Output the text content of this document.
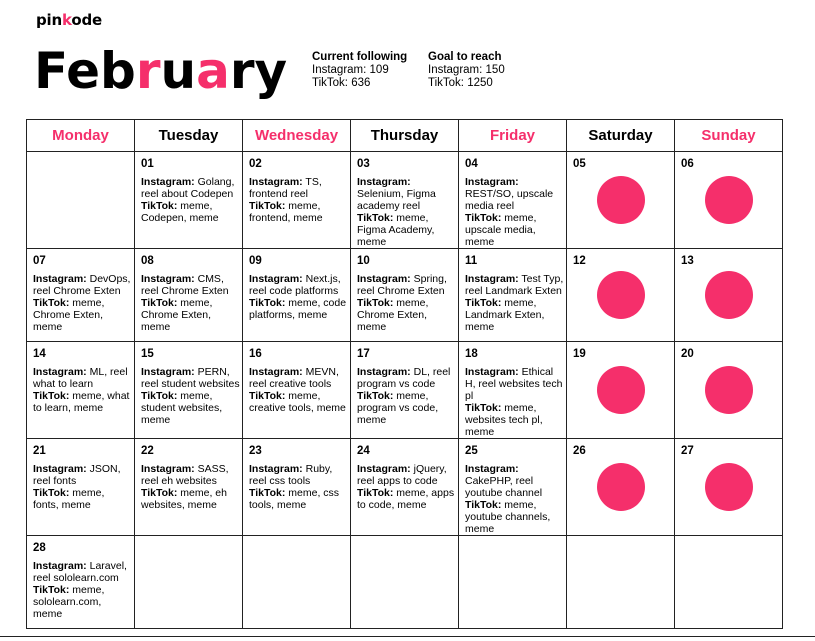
pinkode
February Current following
Instagram: 109
TikTok: 636
Goal to reach
Instagram: 150
TikTok: 1250
Monday	Tuesday	Wednesday	Thursday	Friday	Saturday	Sunday

	01
Instagram: Golang, reel about Codepen
TikTok: meme, Codepen, meme	02
Instagram: TS, frontend reel
TikTok: meme, frontend, meme	03
Instagram: Selenium, Figma academy reel
TikTok: meme, Figma Academy, meme	04
Instagram: REST/SO, upscale media reel
TikTok: meme, upscale media, meme	05	06

07
Instagram: DevOps, reel Chrome Exten
TikTok: meme, Chrome Exten, meme	08
Instagram: CMS, reel Chrome Exten
TikTok: meme, Chrome Exten, meme	09
Instagram: Next.js, reel code platforms
TikTok: meme, code platforms, meme	10
Instagram: Spring, reel Chrome Exten
TikTok: meme, Chrome Exten, meme	11
Instagram: Test Typ, reel Landmark Exten
TikTok: meme, Landmark Exten, meme	12	13

14
Instagram: ML, reel what to learn
TikTok: meme, what to learn, meme	15
Instagram: PERN, reel student websites
TikTok: meme, student websites, meme	16
Instagram: MEVN, reel creative tools
TikTok: meme, creative tools, meme	17
Instagram: DL, reel program vs code
TikTok: meme, program vs code, meme	18
Instagram: Ethical H, reel websites tech pl
TikTok: meme, websites tech pl, meme	19	20

21
Instagram: JSON, reel fonts
TikTok: meme, fonts, meme	22
Instagram: SASS, reel eh websites
TikTok: meme, eh websites, meme	23
Instagram: Ruby, reel css tools
TikTok: meme, css tools, meme	24
Instagram: jQuery, reel apps to code
TikTok: meme, apps to code, meme	25
Instagram: CakePHP, reel youtube channel
TikTok: meme, youtube channels, meme	26	27

28
Instagram: Laravel, reel sololearn.com
TikTok: meme, sololearn.com, meme						
